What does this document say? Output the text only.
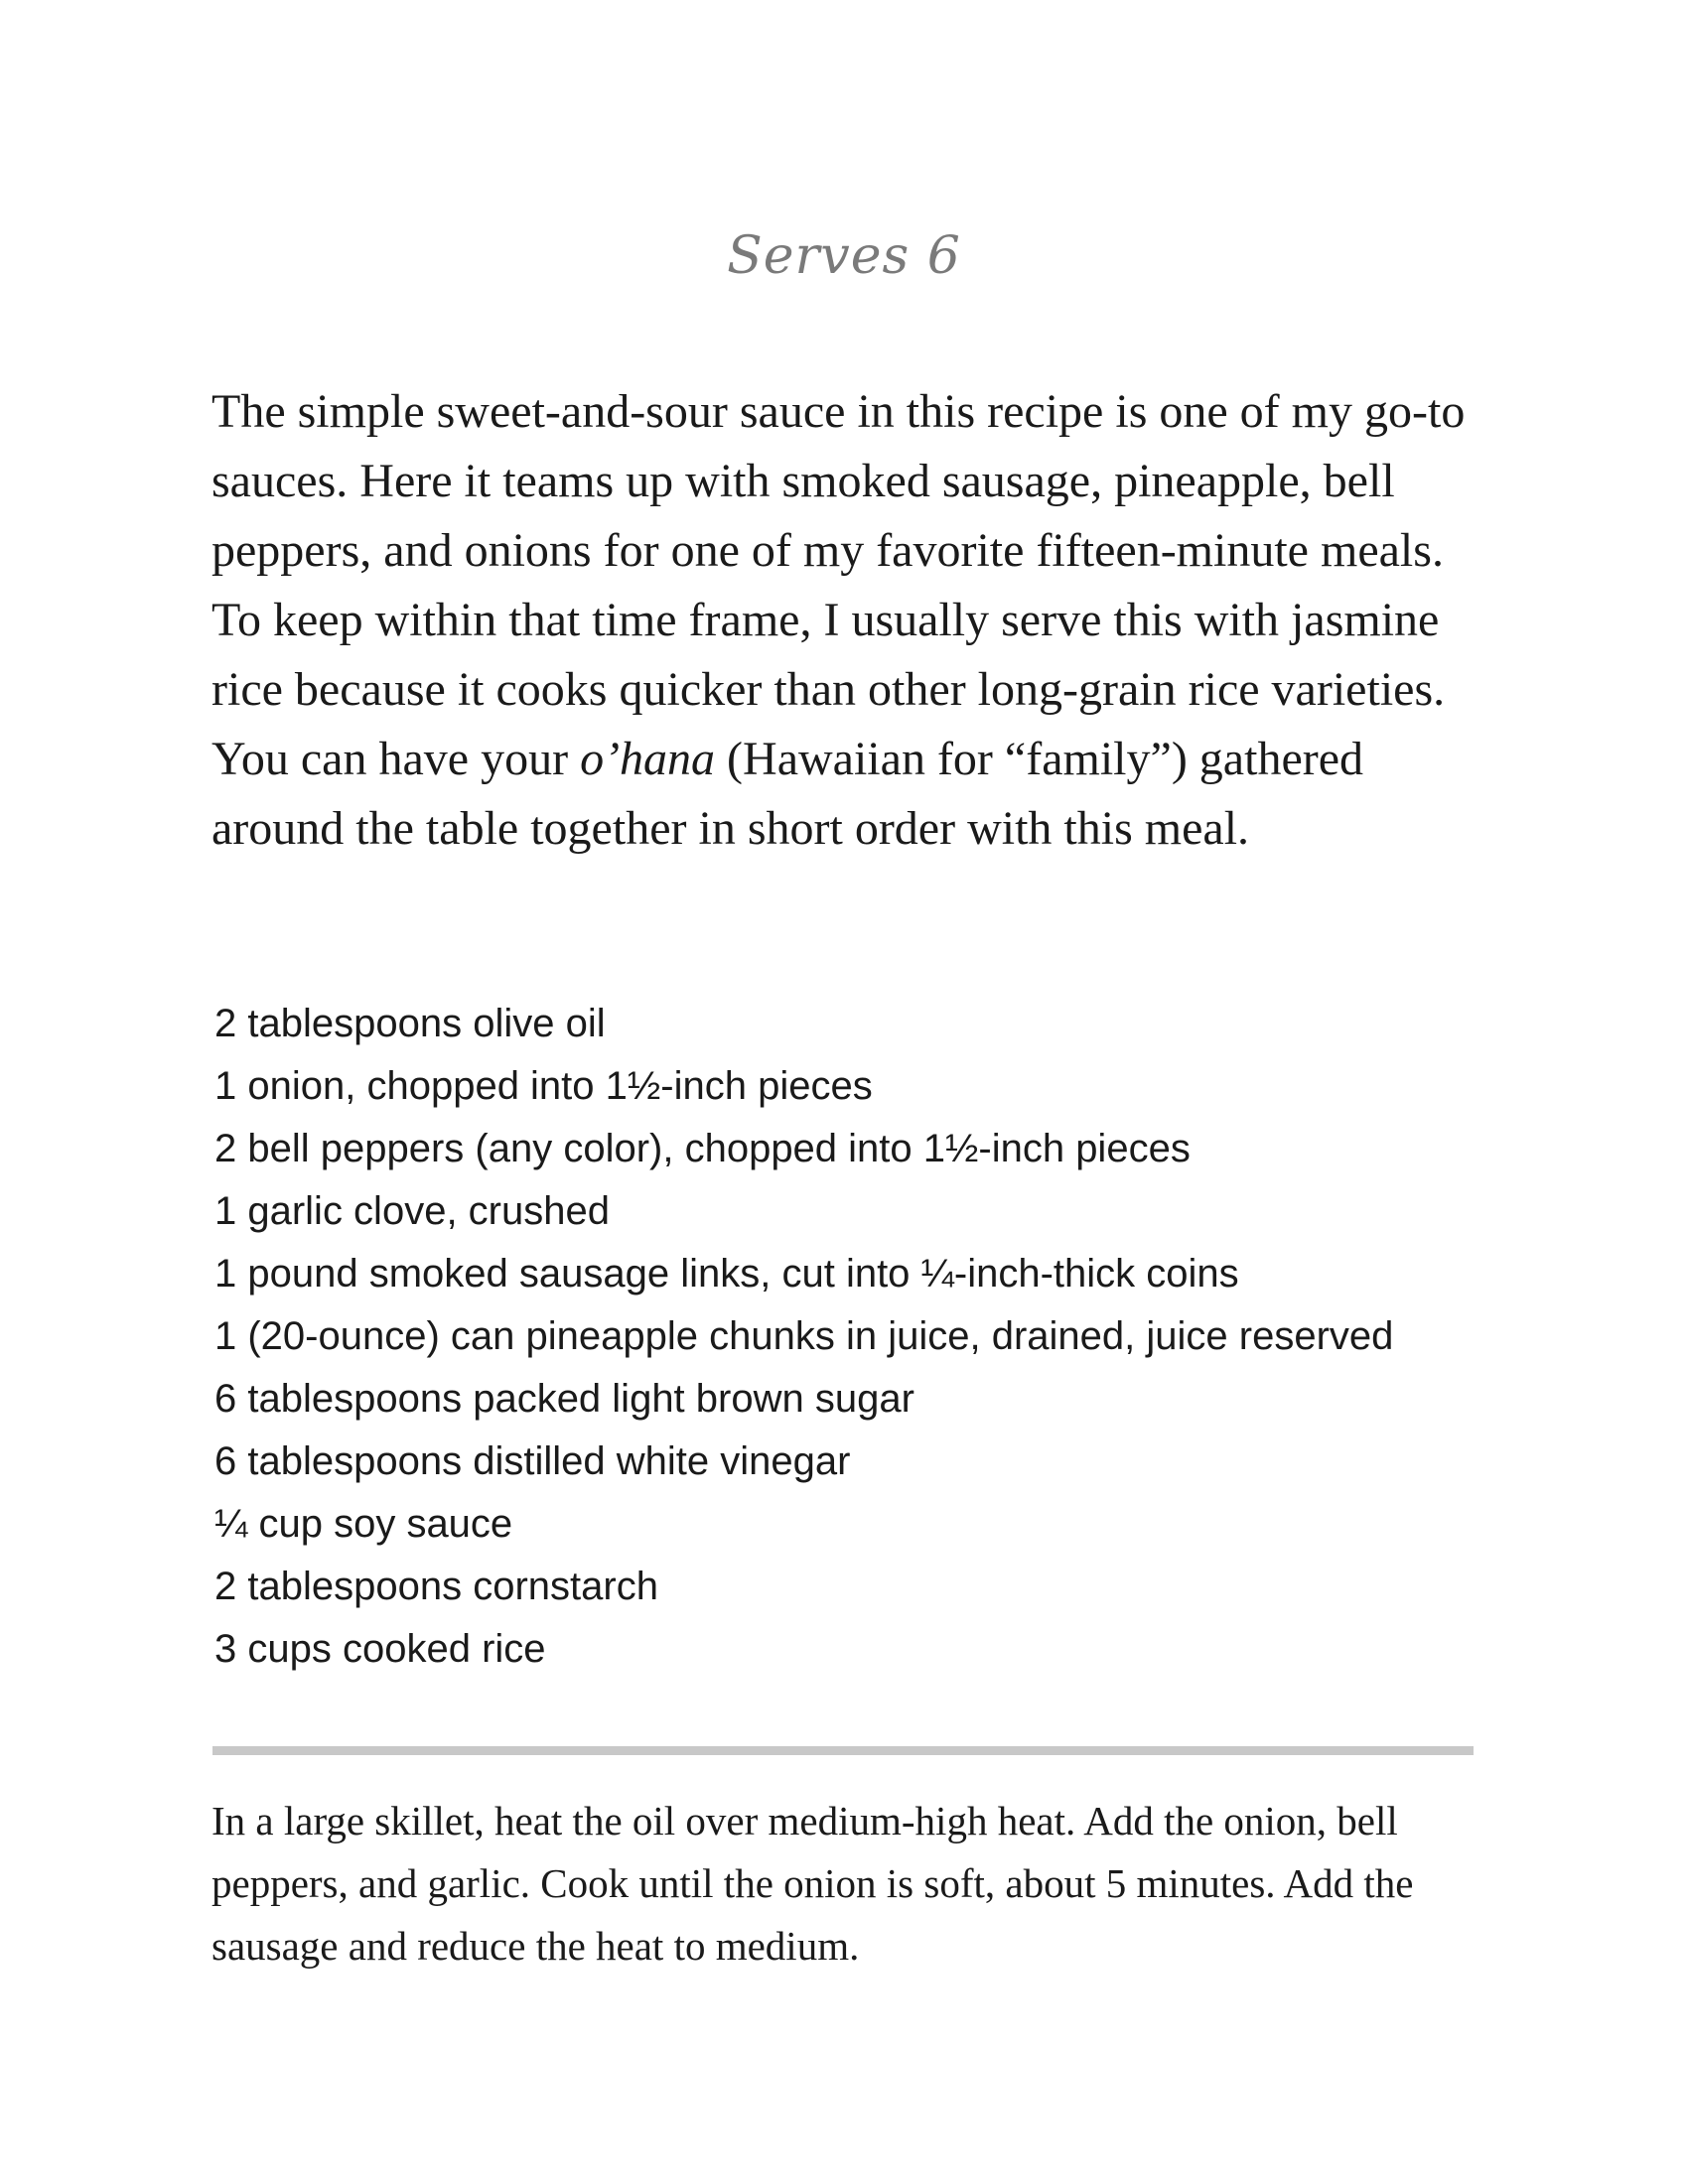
Serves 6

The simple sweet-and-sour sauce in this recipe is one of my go-to sauces. Here it teams up with smoked sausage, pineapple, bell peppers, and onions for one of my favorite fifteen-minute meals. To keep within that time frame, I usually serve this with jasmine rice because it cooks quicker than other long-grain rice varieties. You can have your o’hana (Hawaiian for “family”) gathered around the table together in short order with this meal.

2 tablespoons olive oil
1 onion, chopped into 1½-inch pieces
2 bell peppers (any color), chopped into 1½-inch pieces
1 garlic clove, crushed
1 pound smoked sausage links, cut into ¼-inch-thick coins
1 (20-ounce) can pineapple chunks in juice, drained, juice reserved
6 tablespoons packed light brown sugar
6 tablespoons distilled white vinegar
¼ cup soy sauce
2 tablespoons cornstarch
3 cups cooked rice

In a large skillet, heat the oil over medium-high heat. Add the onion, bell peppers, and garlic. Cook until the onion is soft, about 5 minutes. Add the sausage and reduce the heat to medium.
